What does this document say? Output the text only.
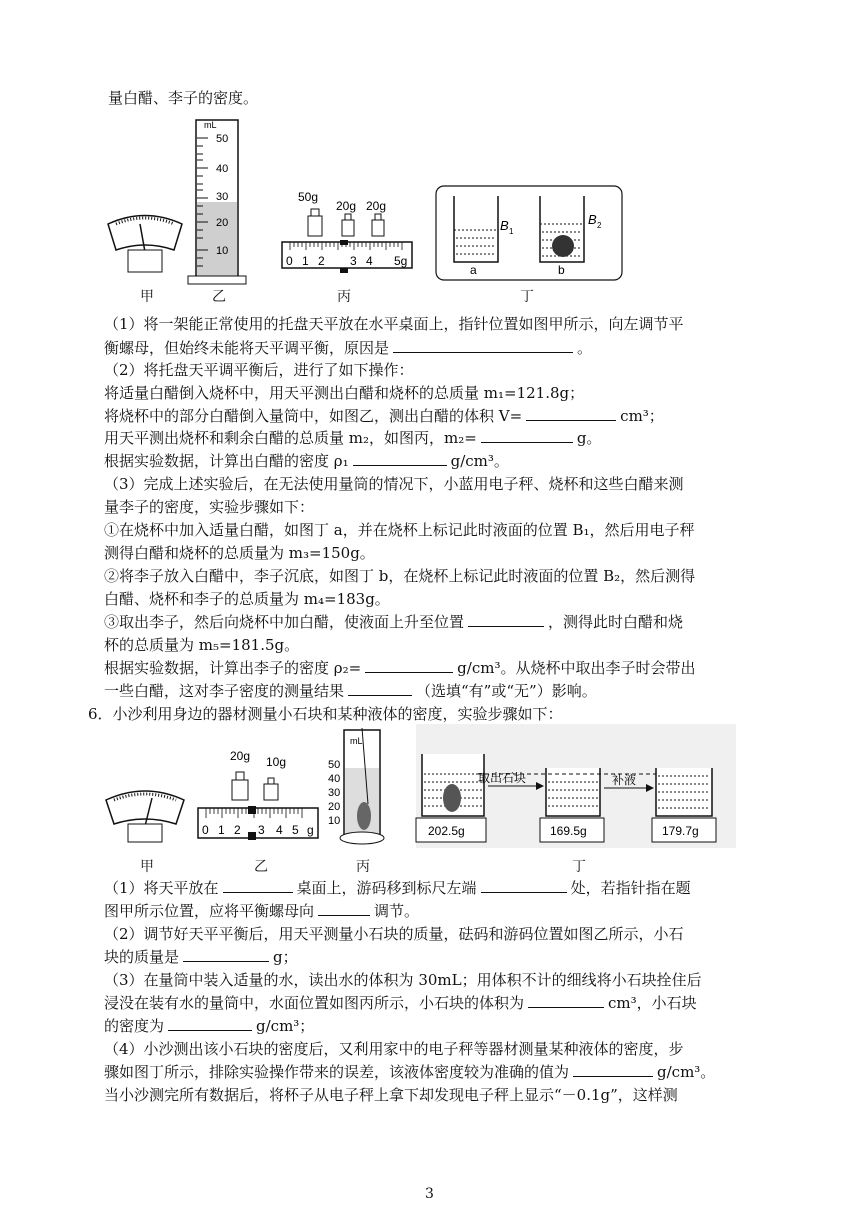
量白醋、李子的密度。
mL
50
40
30
20
10
50g
20g 20g
0 1 2 3 4 5g
B 1
a
B 2
b
甲	乙	丙	丁
（1）将一架能正常使用的托盘天平放在水平桌面上，指针位置如图甲所示，向左调节平
衡螺母，但始终未能将天平调平衡，原因是	。
（2）将托盘天平调平衡后，进行了如下操作：
将适量白醋倒入烧杯中，用天平测出白醋和烧杯的总质量 m₁=121.8g；
将烧杯中的部分白醋倒入量筒中，如图乙，测出白醋的体积 V=	cm³；
用天平测出烧杯和剩余白醋的总质量 m₂，如图丙，m₂=	g。
根据实验数据，计算出白醋的密度 ρ₁	g/cm³。
（3）完成上述实验后，在无法使用量筒的情况下，小蓝用电子秤、烧杯和这些白醋来测
量李子的密度，实验步骤如下：
①在烧杯中加入适量白醋，如图丁 a，并在烧杯上标记此时液面的位置 B₁，然后用电子秤
测得白醋和烧杯的总质量为 m₃=150g。
②将李子放入白醋中，李子沉底，如图丁 b，在烧杯上标记此时液面的位置 B₂，然后测得
白醋、烧杯和李子的总质量为 m₄=183g。
③取出李子，然后向烧杯中加白醋，使液面上升至位置	，测得此时白醋和烧
杯的总质量为 m₅=181.5g。
根据实验数据，计算出李子的密度 ρ₂=	g/cm³。从烧杯中取出李子时会带出
一些白醋，这对李子密度的测量结果	（选填“有”或“无”）影响。
6．小沙利用身边的器材测量小石块和某种液体的密度，实验步骤如下：
20g 10g
0 1 2 3 4 5 g
mL
50
40
30
20
10
202.5g
取出石块
169.5g
补液
179.7g
甲	乙	丙	丁
（1）将天平放在	桌面上，游码移到标尺左端	处，若指针指在题
图甲所示位置，应将平衡螺母向	调节。
（2）调节好天平平衡后，用天平测量小石块的质量，砝码和游码位置如图乙所示，小石
块的质量是	g；
（3）在量筒中装入适量的水，读出水的体积为 30mL；用体积不计的细线将小石块拴住后
浸没在装有水的量筒中，水面位置如图丙所示，小石块的体积为	cm³，小石块
的密度为	g/cm³；
（4）小沙测出该小石块的密度后，又利用家中的电子秤等器材测量某种液体的密度，步
骤如图丁所示，排除实验操作带来的误差，该液体密度较为准确的值为	g/cm³。
当小沙测完所有数据后，将杯子从电子秤上拿下却发现电子秤上显示“－0.1g”，这样测
3
